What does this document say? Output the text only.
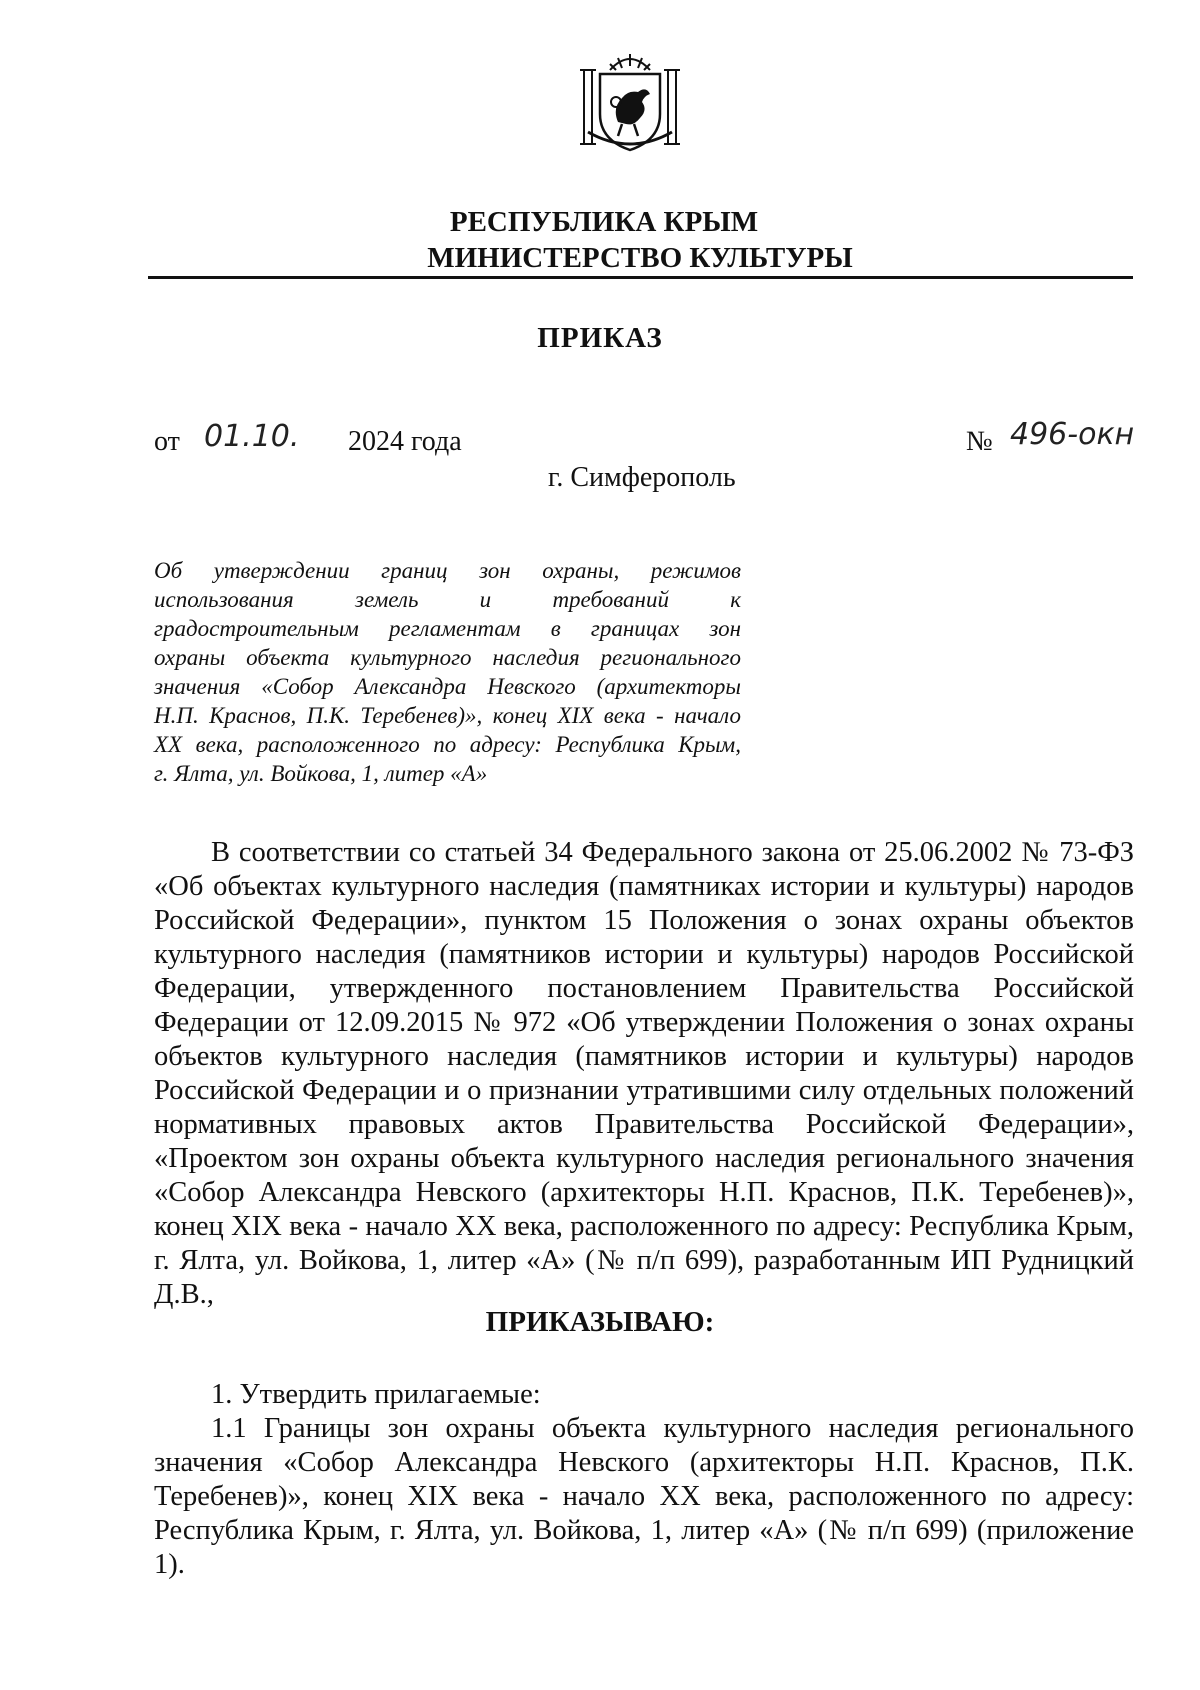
РЕСПУБЛИКА КРЫМ
МИНИСТЕРСТВО КУЛЬТУРЫ
ПРИКАЗ
от 01.10. 2024 года	№ 496-окн
г. Симферополь

Об утверждении границ зон охраны, режимов

использования земель и требований к

градостроительным регламентам в границах зон

охраны объекта культурного наследия регионального

значения «Собор Александра Невского (архитекторы

Н.П. Краснов, П.К. Теребенев)», конец XIX века - начало

XX века, расположенного по адресу: Республика Крым,

г. Ялта, ул. Войкова, 1, литер «А»

В соответствии со статьей 34 Федерального закона от 25.06.2002 № 73-ФЗ «Об объектах культурного наследия (памятниках истории и культуры) народов Российской Федерации», пунктом 15 Положения о зонах охраны объектов культурного наследия (памятников истории и культуры) народов Российской Федерации, утвержденного постановлением Правительства Российской Федерации от 12.09.2015 № 972 «Об утверждении Положения о зонах охраны объектов культурного наследия (памятников истории и культуры) народов Российской Федерации и о признании утратившими силу отдельных положений нормативных правовых актов Правительства Российской Федерации», «Проектом зон охраны объекта культурного наследия регионального значения «Собор Александра Невского (архитекторы Н.П. Краснов, П.К. Теребенев)», конец XIX века - начало XX века, расположенного по адресу: Республика Крым, г. Ялта, ул. Войкова, 1, литер «А» (№ п/п 699), разработанным ИП Рудницкий Д.В.,

ПРИКАЗЫВАЮ:

1. Утвердить прилагаемые:

1.1 Границы зон охраны объекта культурного наследия регионального значения «Собор Александра Невского (архитекторы Н.П. Краснов, П.К. Теребенев)», конец XIX века - начало XX века, расположенного по адресу: Республика Крым, г. Ялта, ул. Войкова, 1, литер «А» (№ п/п 699) (приложение 1).
